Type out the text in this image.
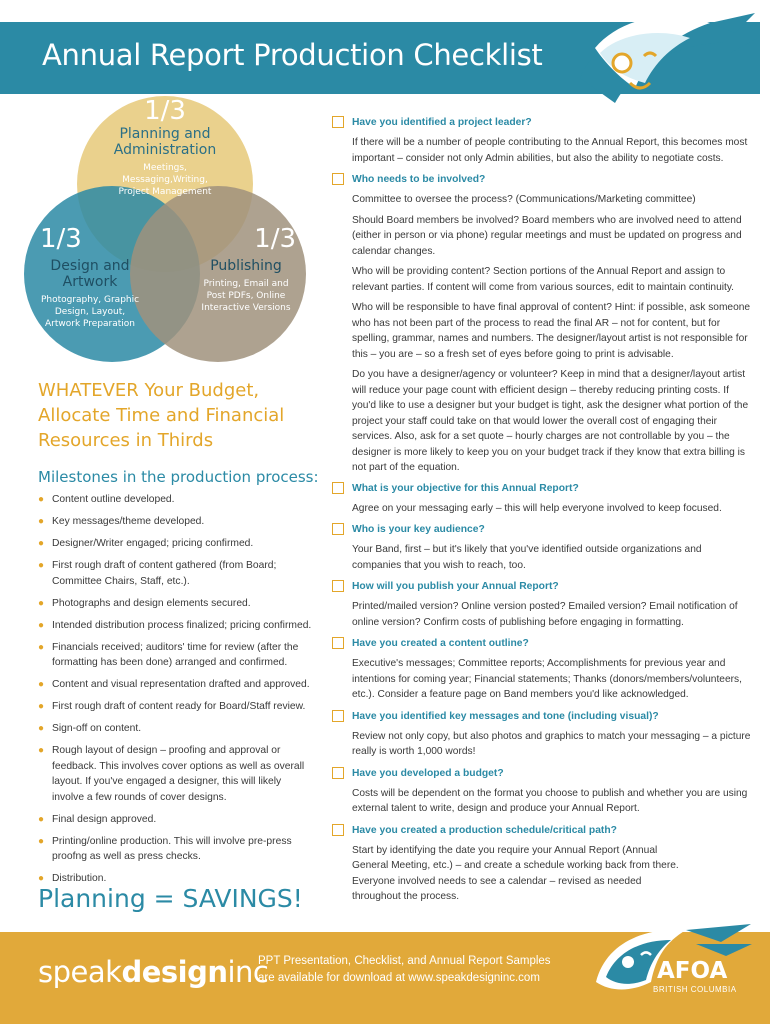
Annual Report Production Checklist
1/3
Planning and Administration
Meetings, Messaging,Writing, Project Management
1/3
Design and Artwork
Photography, Graphic Design, Layout, Artwork Preparation
1/3
Publishing
Printing, Email and Post PDFs, Online Interactive Versions
WHATEVER Your Budget, Allocate Time and Financial Resources in Thirds
Milestones in the production process:
● Content outline developed.
● Key messages/theme developed.
● Designer/Writer engaged; pricing confirmed.
● First rough draft of content gathered (from Board; Committee Chairs, Staff, etc.).
● Photographs and design elements secured.
● Intended distribution process finalized; pricing confirmed.
● Financials received; auditors' time for review (after the formatting has been done) arranged and confirmed.
● Content and visual representation drafted and approved.
● First rough draft of content ready for Board/Staff review.
● Sign-off on content.
● Rough layout of design – proofing and approval or feedback. This involves cover options as well as overall layout. If you've engaged a designer, this will likely involve a few rounds of cover designs.
● Final design approved.
● Printing/online production. This will involve pre-press proofng as well as press checks.
● Distribution.
Planning = SAVINGS!
Have you identified a project leader?

If there will be a number of people contributing to the Annual Report, this becomes most important – consider not only Admin abilities, but also the ability to negotiate costs.

Who needs to be involved?

Committee to oversee the process? (Communications/Marketing committee)

Should Board members be involved? Board members who are involved need to attend (either in person or via phone) regular meetings and must be updated on progress and calendar changes.

Who will be providing content? Section portions of the Annual Report and assign to relevant parties. If content will come from various sources, edit to maintain continuity.

Who will be responsible to have final approval of content? Hint: if possible, ask someone who has not been part of the process to read the final AR – not for content, but for spelling, grammar, names and numbers. The designer/layout artist is not responsible for this – you are – so a fresh set of eyes before going to print is advisable.

Do you have a designer/agency or volunteer? Keep in mind that a designer/layout artist will reduce your page count with efficient design – thereby reducing printing costs. If you'd like to use a designer but your budget is tight, ask the designer what portion of the project your staff could take on that would lower the overall cost of engaging their services. Also, ask for a set quote – hourly charges are not controllable by you – the designer is more likely to keep you on your budget track if they know that extra billing is not part of the equation.

What is your objective for this Annual Report?

Agree on your messaging early – this will help everyone involved to keep focused.

Who is your key audience?

Your Band, first – but it's likely that you've identified outside organizations and companies that you wish to reach, too.

How will you publish your Annual Report?

Printed/mailed version? Online version posted? Emailed version? Email notification of online version? Confirm costs of publishing before engaging in formatting.

Have you created a content outline?

Executive's messages; Committee reports; Accomplishments for previous year and intentions for coming year; Financial statements; Thanks (donors/members/volunteers, etc.). Consider a feature page on Band members you'd like acknowledged.

Have you identified key messages and tone (including visual)?

Review not only copy, but also photos and graphics to match your messaging – a picture really is worth 1,000 words!

Have you developed a budget?

Costs will be dependent on the format you choose to publish and whether you are using external talent to write, design and produce your Annual Report.

Have you created a production schedule/critical path?

Start by identifying the date you require your Annual Report (Annual General Meeting, etc.) – and create a schedule working back from there. Everyone involved needs to see a calendar – revised as needed throughout the process.

speakdesigninc
PPT Presentation, Checklist, and Annual Report Samples
are available for download at www.speakdesigninc.com	AFOA
BRITISH COLUMBIA
